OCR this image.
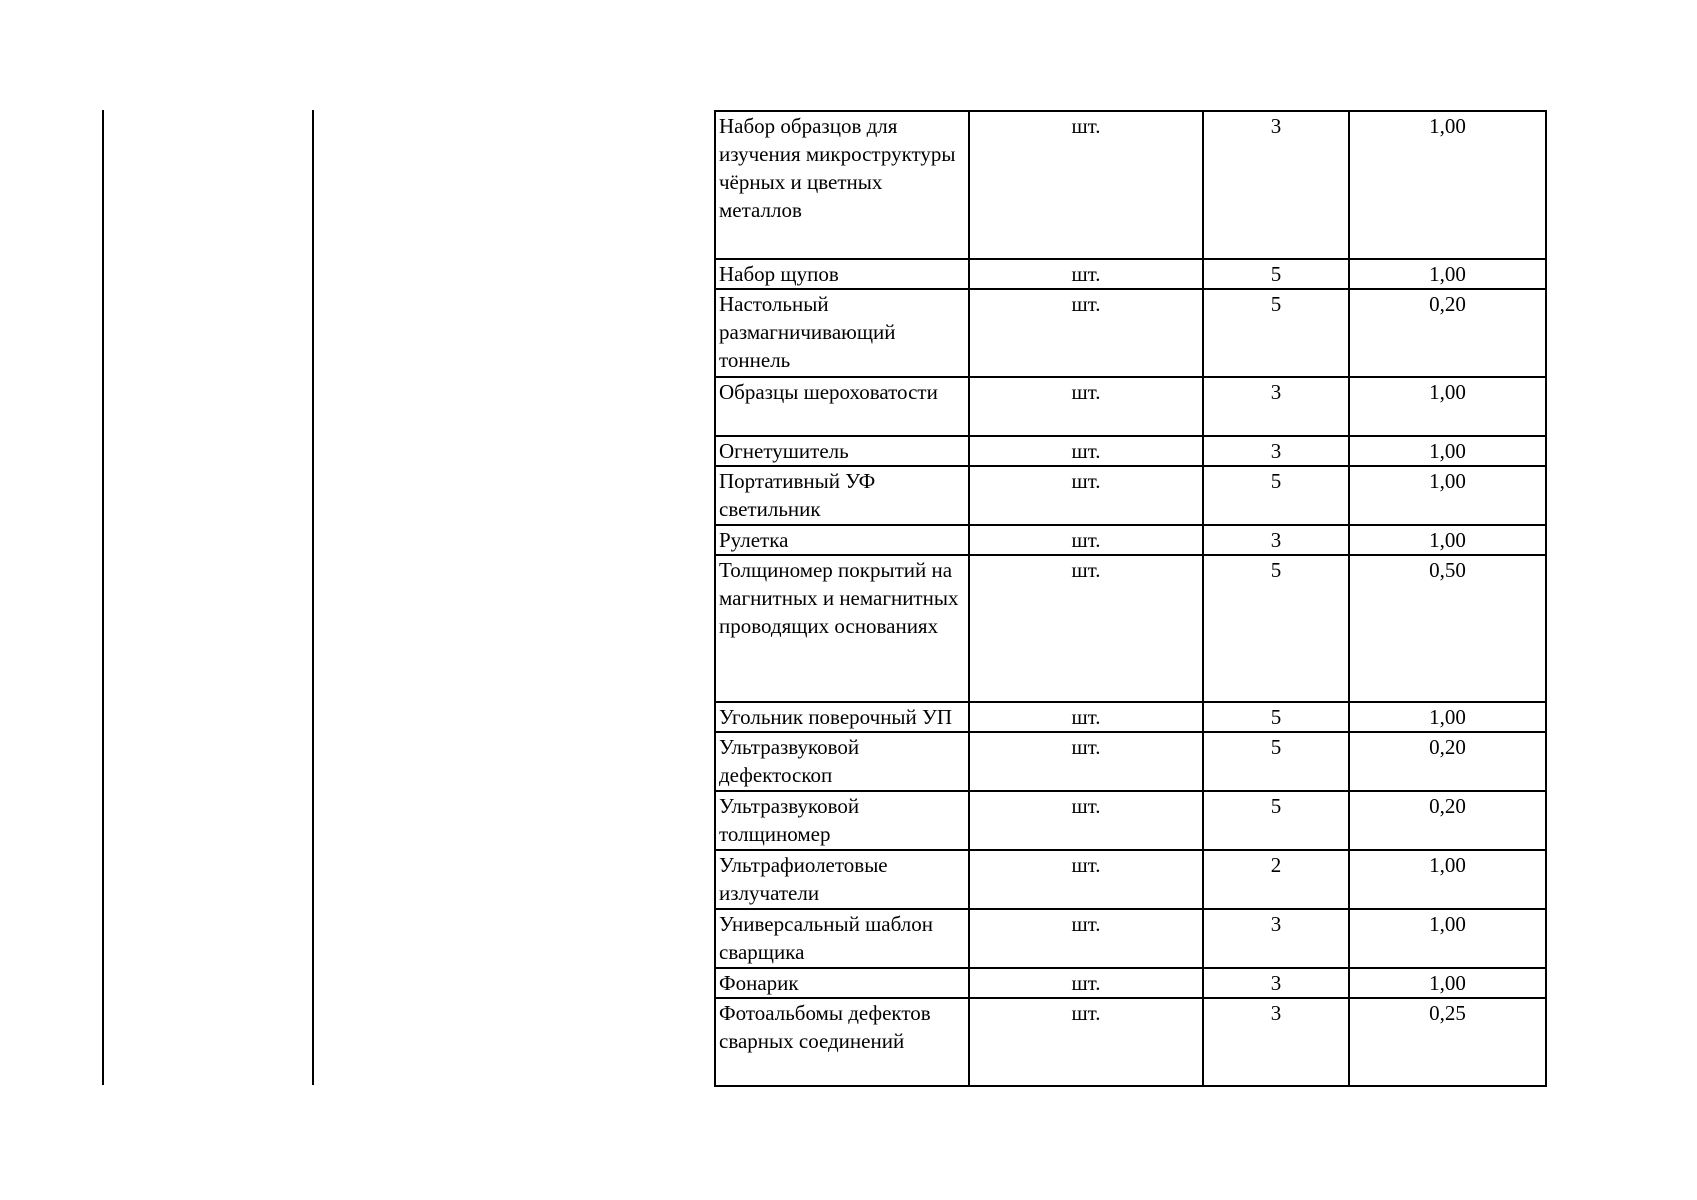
Набор образцов для изучения микроструктуры чёрных и цветных металлов	шт.	3	1,00
Набор щупов	шт.	5	1,00
Настольный размагничивающий тоннель	шт.	5	0,20
Образцы шероховатости	шт.	3	1,00
Огнетушитель	шт.	3	1,00
Портативный УФ светильник	шт.	5	1,00
Рулетка	шт.	3	1,00
Толщиномер покрытий на магнитных и немагнитных проводящих основаниях	шт.	5	0,50
Угольник поверочный УП	шт.	5	1,00
Ультразвуковой дефектоскоп	шт.	5	0,20
Ультразвуковой толщиномер	шт.	5	0,20
Ультрафиолетовые излучатели	шт.	2	1,00
Универсальный шаблон сварщика	шт.	3	1,00
Фонарик	шт.	3	1,00
Фотоальбомы дефектов сварных соединений	шт.	3	0,25
